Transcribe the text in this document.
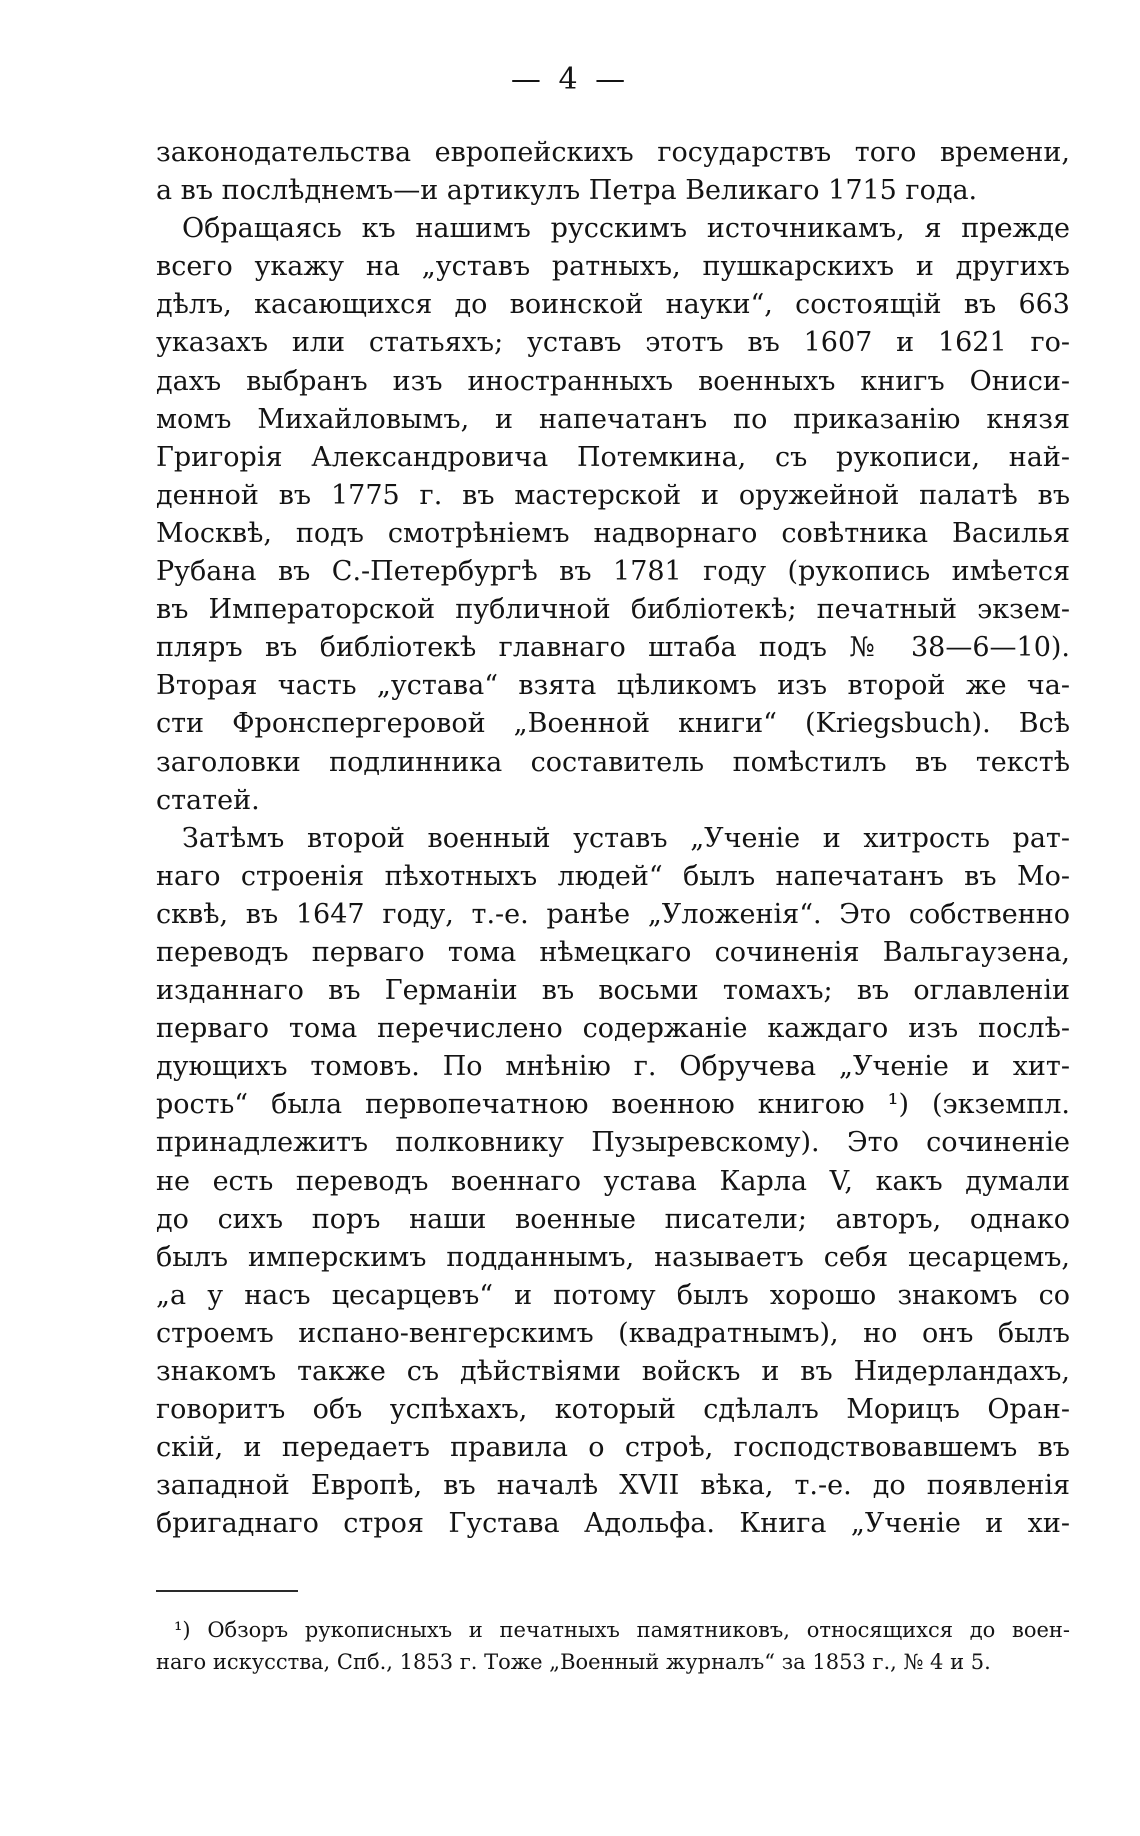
— 4 —
законодательства европейскихъ государствъ того времени,
а въ послѣднемъ—и артикулъ Петра Великаго 1715 года.
Обращаясь къ нашимъ русскимъ источникамъ, я прежде
всего укажу на „уставъ ратныхъ, пушкарскихъ и другихъ
дѣлъ, касающихся до воинской науки“, состоящій въ 663
указахъ или статьяхъ; уставъ этотъ въ 1607 и 1621 го-
дахъ выбранъ изъ иностранныхъ военныхъ книгъ Ониси-
момъ Михайловымъ, и напечатанъ по приказанію князя
Григорія Александровича Потемкина, съ рукописи, най-
денной въ 1775 г. въ мастерской и оружейной палатѣ въ
Москвѣ, подъ смотрѣніемъ надворнаго совѣтника Василья
Рубана въ С.-Петербургѣ въ 1781 году (рукопись имѣется
въ Императорской публичной библіотекѣ; печатный экзем-
пляръ въ библіотекѣ главнаго штаба подъ № 38—6—10).
Вторая часть „устава“ взята цѣликомъ изъ второй же ча-
сти Фронспергеровой „Военной книги“ (Kriegsbuch). Всѣ
заголовки подлинника составитель помѣстилъ въ текстѣ
статей.
Затѣмъ второй военный уставъ „Ученіе и хитрость рат-
наго строенія пѣхотныхъ людей“ былъ напечатанъ въ Мо-
сквѣ, въ 1647 году, т.-е. ранѣе „Уложенія“. Это собственно
переводъ перваго тома нѣмецкаго сочиненія Вальгаузена,
изданнаго въ Германіи въ восьми томахъ; въ оглавленіи
перваго тома перечислено содержаніе каждаго изъ послѣ-
дующихъ томовъ. По мнѣнію г. Обручева „Ученіе и хит-
рость“ была первопечатною военною книгою ¹) (экземпл.
принадлежитъ полковнику Пузыревскому). Это сочиненіе
не есть переводъ военнаго устава Карла V, какъ думали
до сихъ поръ наши военные писатели; авторъ, однако
былъ имперскимъ подданнымъ, называетъ себя цесарцемъ,
„а у насъ цесарцевъ“ и потому былъ хорошо знакомъ со
строемъ испано-венгерскимъ (квадратнымъ), но онъ былъ
знакомъ также съ дѣйствіями войскъ и въ Нидерландахъ,
говоритъ объ успѣхахъ, который сдѣлалъ Морицъ Оран-
скій, и передаетъ правила о строѣ, господствовавшемъ въ
западной Европѣ, въ началѣ XVII вѣка, т.-е. до появленія
бригаднаго строя Густава Адольфа. Книга „Ученіе и хи-
¹) Обзоръ рукописныхъ и печатныхъ памятниковъ, относящихся до воен-
наго искусства, Спб., 1853 г. Тоже „Военный журналъ“ за 1853 г., № 4 и 5.
